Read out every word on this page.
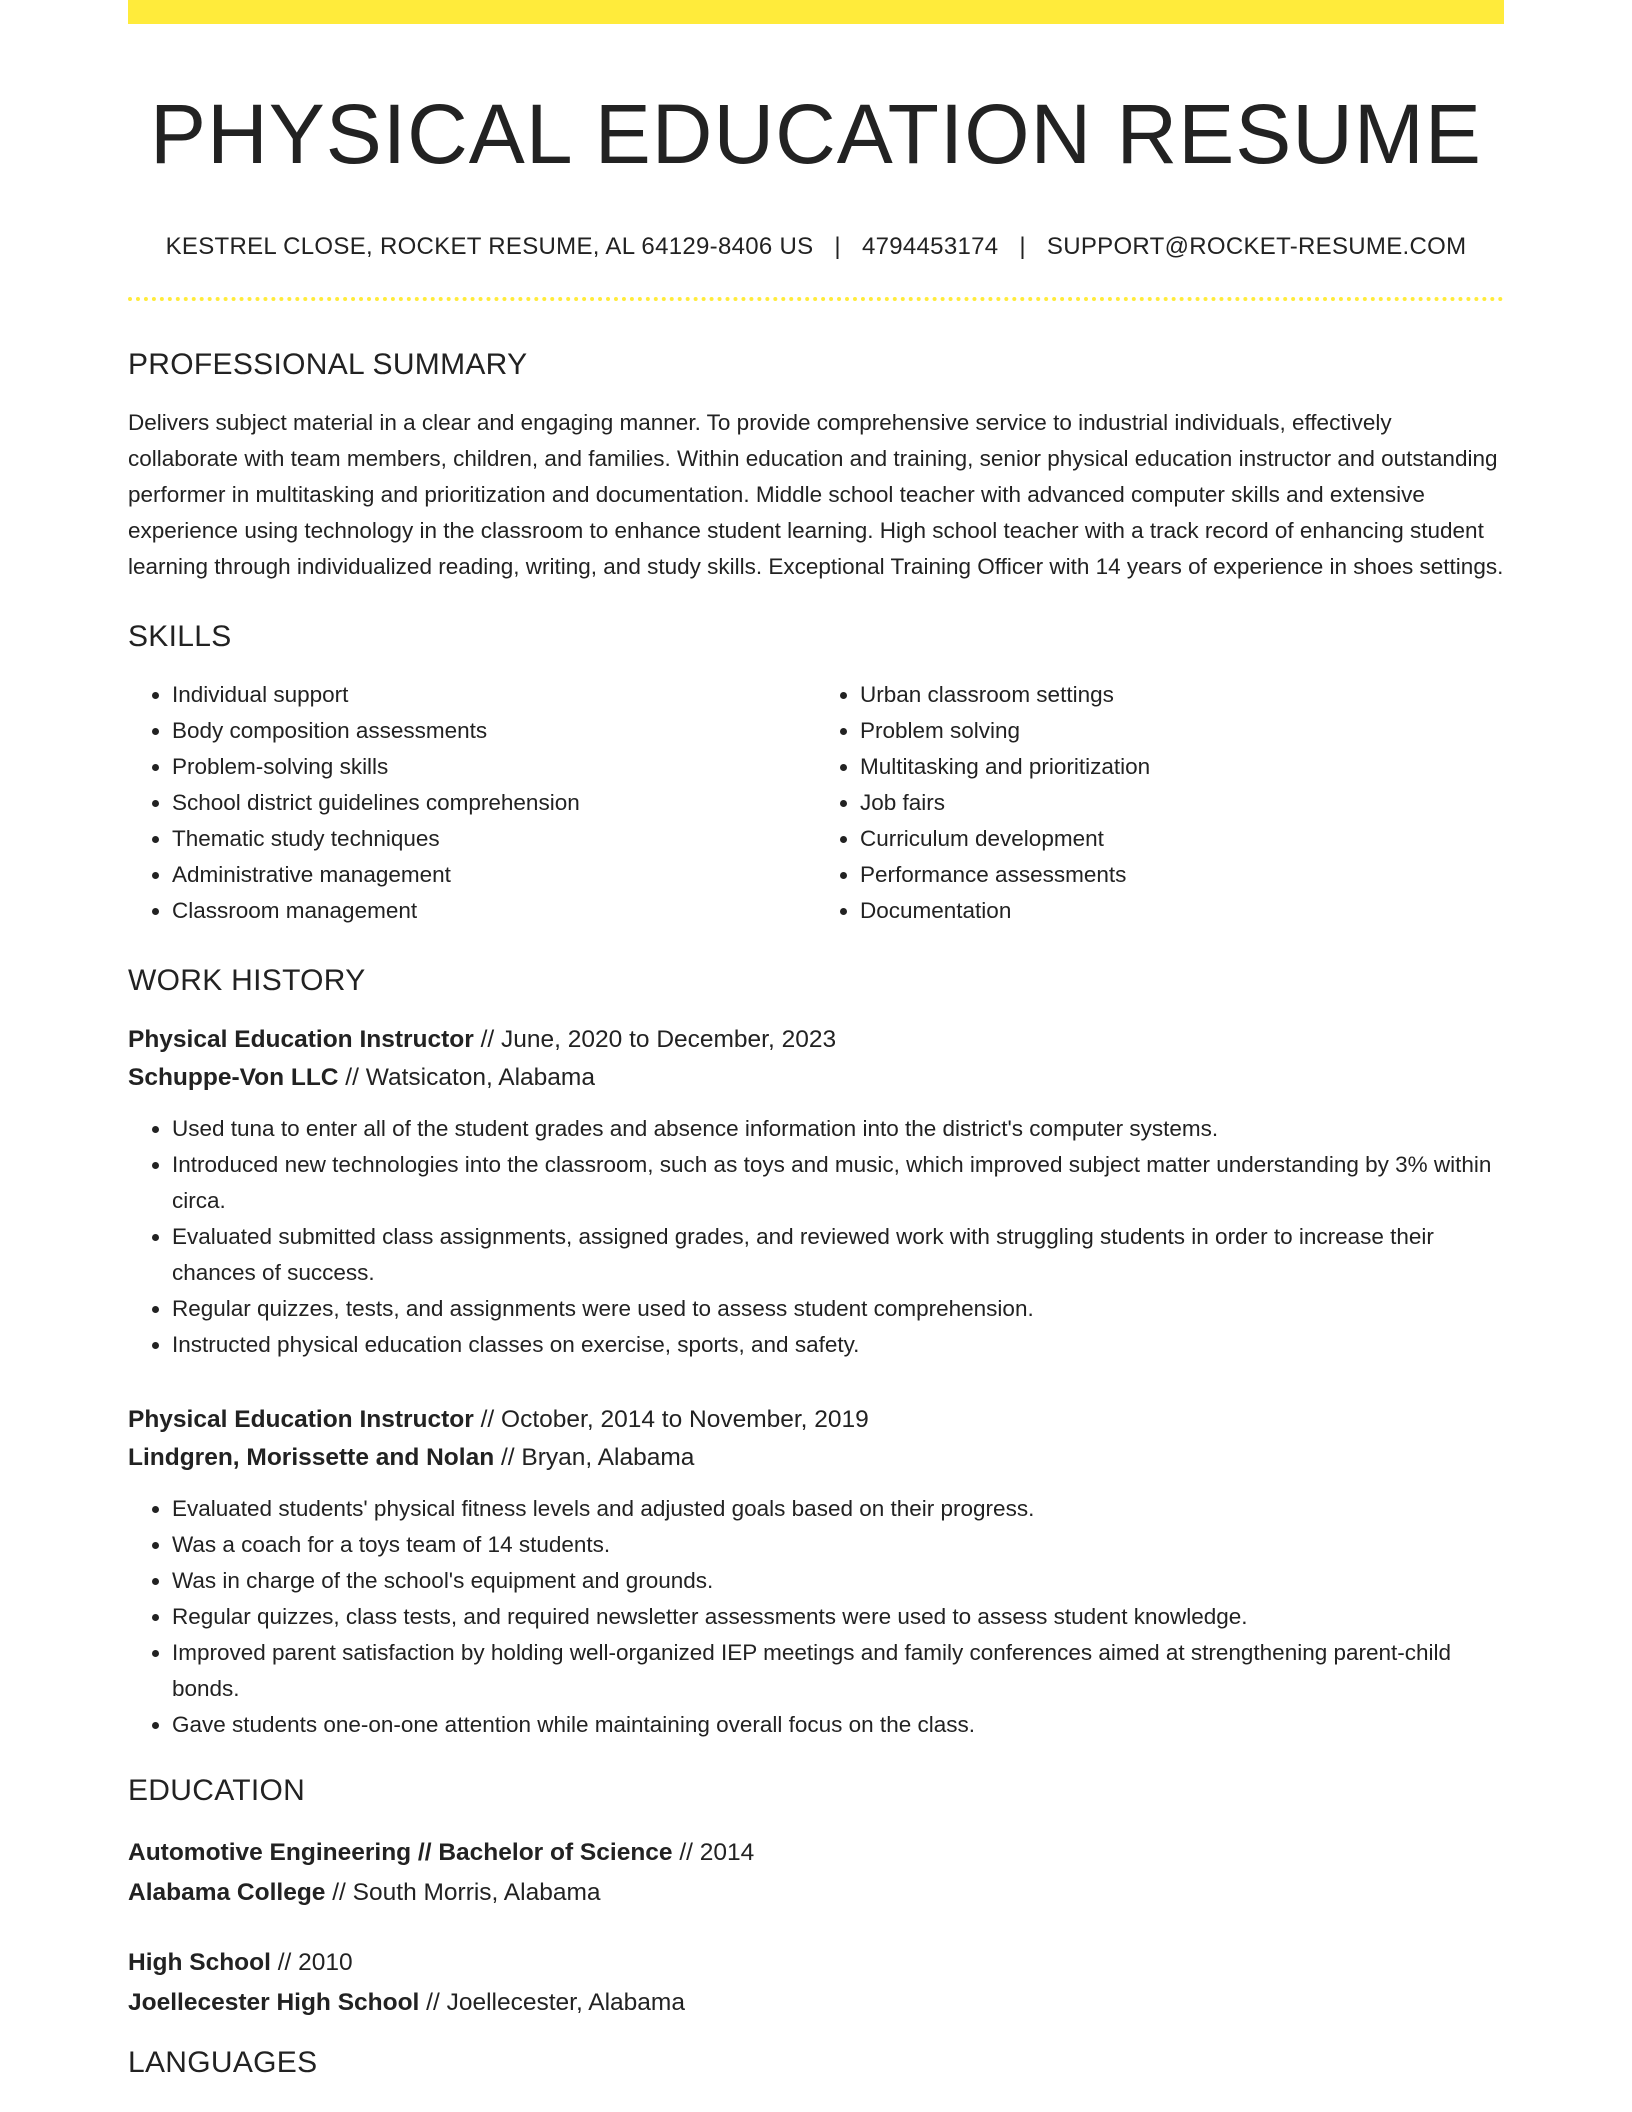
PHYSICAL EDUCATION RESUME
KESTREL CLOSE, ROCKET RESUME, AL 64129-8406 US | 4794453174 | SUPPORT@ROCKET-RESUME.COM
PROFESSIONAL SUMMARY
Delivers subject material in a clear and engaging manner. To provide comprehensive service to industrial individuals, effectively collaborate with team members, children, and families. Within education and training, senior physical education instructor and outstanding performer in multitasking and prioritization and documentation. Middle school teacher with advanced computer skills and extensive experience using technology in the classroom to enhance student learning. High school teacher with a track record of enhancing student learning through individualized reading, writing, and study skills. Exceptional Training Officer with 14 years of experience in shoes settings.
SKILLS
• Individual support
• Body composition assessments
• Problem-solving skills
• School district guidelines comprehension
• Thematic study techniques
• Administrative management
• Classroom management
• Urban classroom settings
• Problem solving
• Multitasking and prioritization
• Job fairs
• Curriculum development
• Performance assessments
• Documentation
WORK HISTORY
Physical Education Instructor // June, 2020 to December, 2023
Schuppe-Von LLC // Watsicaton, Alabama
• Used tuna to enter all of the student grades and absence information into the district's computer systems.
• Introduced new technologies into the classroom, such as toys and music, which improved subject matter understanding by 3% within circa.
• Evaluated submitted class assignments, assigned grades, and reviewed work with struggling students in order to increase their chances of success.
• Regular quizzes, tests, and assignments were used to assess student comprehension.
• Instructed physical education classes on exercise, sports, and safety.
Physical Education Instructor // October, 2014 to November, 2019
Lindgren, Morissette and Nolan // Bryan, Alabama
• Evaluated students' physical fitness levels and adjusted goals based on their progress.
• Was a coach for a toys team of 14 students.
• Was in charge of the school's equipment and grounds.
• Regular quizzes, class tests, and required newsletter assessments were used to assess student knowledge.
• Improved parent satisfaction by holding well-organized IEP meetings and family conferences aimed at strengthening parent-child bonds.
• Gave students one-on-one attention while maintaining overall focus on the class.
EDUCATION
Automotive Engineering // Bachelor of Science // 2014
Alabama College // South Morris, Alabama
High School // 2010
Joellecester High School // Joellecester, Alabama
LANGUAGES
